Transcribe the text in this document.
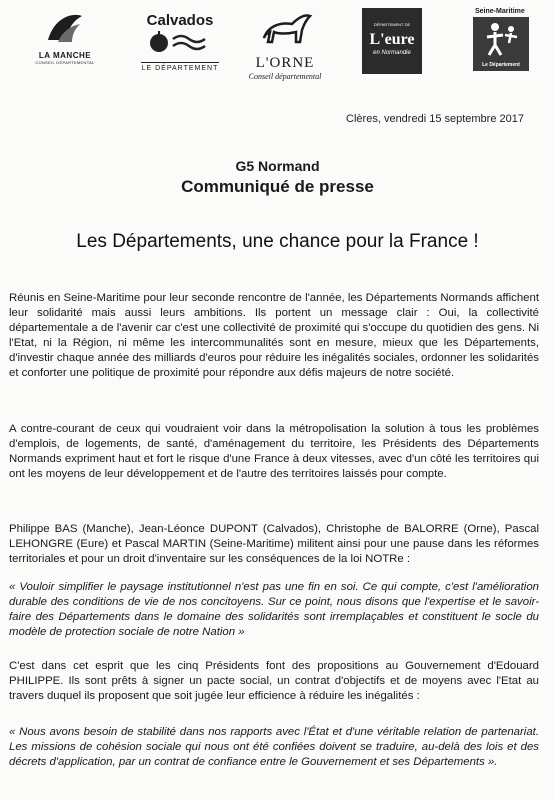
LA MANCHE
CONSEIL DÉPARTEMENTAL
Calvados
LE DÉPARTEMENT	L'ORNE
Conseil départemental
DÉPARTEMENT DE
L'eure
en Normandie
Seine-Maritime
Le Département
Clères, vendredi 15 septembre 2017
G5 Normand
Communiqué de presse
Les Départements, une chance pour la France !

Réunis en Seine-Maritime pour leur seconde rencontre de l'année, les Départements Normands affichent leur solidarité mais aussi leurs ambitions. Ils portent un message clair : Oui, la collectivité départementale a de l'avenir car c'est une collectivité de proximité qui s'occupe du quotidien des gens. Ni l'Etat, ni la Région, ni même les intercommunalités sont en mesure, mieux que les Départements, d'investir chaque année des milliards d'euros pour réduire les inégalités sociales, ordonner les solidarités et conforter une politique de proximité pour répondre aux défis majeurs de notre société.

A contre-courant de ceux qui voudraient voir dans la métropolisation la solution à tous les problèmes d'emplois, de logements, de santé, d'aménagement du territoire, les Présidents des Départements Normands expriment haut et fort le risque d'une France à deux vitesses, avec d'un côté les territoires qui ont les moyens de leur développement et de l'autre des territoires laissés pour compte.

Philippe BAS (Manche), Jean-Léonce DUPONT (Calvados), Christophe de BALORRE (Orne), Pascal LEHONGRE (Eure) et Pascal MARTIN (Seine-Maritime) militent ainsi pour une pause dans les réformes territoriales et pour un droit d'inventaire sur les conséquences de la loi NOTRe :

« Vouloir simplifier le paysage institutionnel n'est pas une fin en soi. Ce qui compte, c'est l'amélioration durable des conditions de vie de nos concitoyens. Sur ce point, nous disons que l'expertise et le savoir-faire des Départements dans le domaine des solidarités sont irremplaçables et constituent le socle du modèle de protection sociale de notre Nation »

C'est dans cet esprit que les cinq Présidents font des propositions au Gouvernement d'Edouard PHILIPPE. Ils sont prêts à signer un pacte social, un contrat d'objectifs et de moyens avec l'Etat au travers duquel ils proposent que soit jugée leur efficience à réduire les inégalités :

« Nous avons besoin de stabilité dans nos rapports avec l'État et d'une véritable relation de partenariat. Les missions de cohésion sociale qui nous ont été confiées doivent se traduire, au-delà des lois et des décrets d'application, par un contrat de confiance entre le Gouvernement et ses Départements ».
